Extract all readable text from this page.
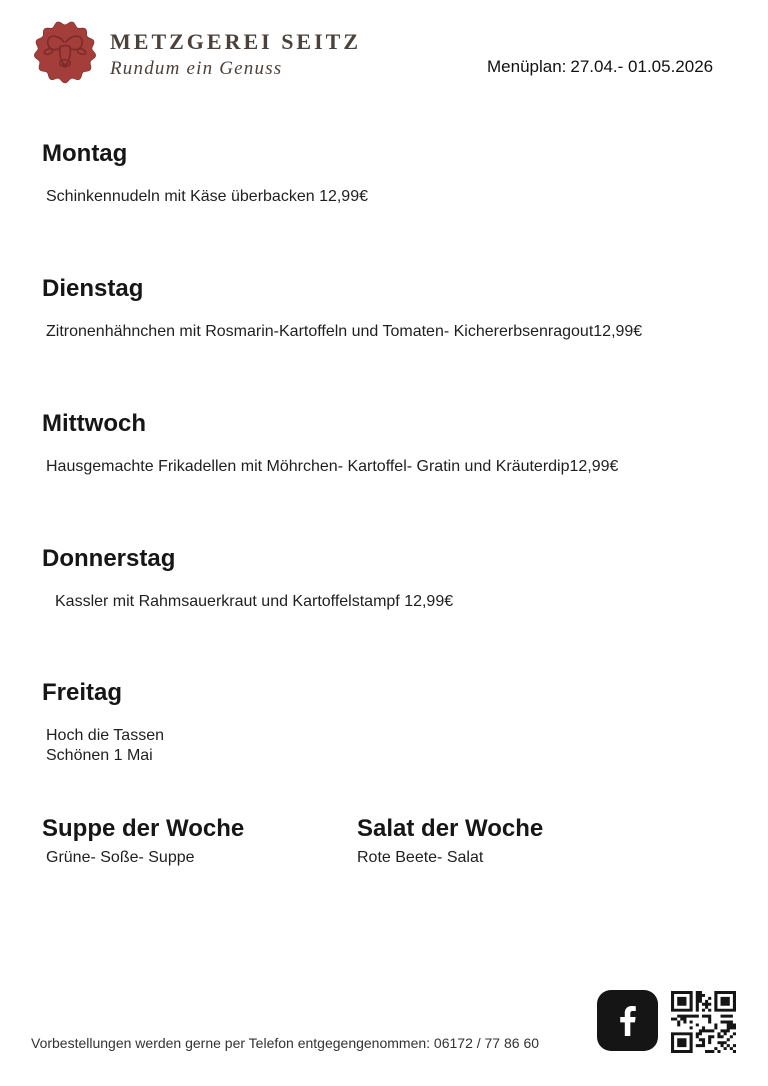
METZGEREI SEITZ
Rundum ein Genuss	Menüplan: 27.04.- 01.05.2026
Montag

Schinkennudeln mit Käse überbacken 12,99€

Dienstag

Zitronenhähnchen mit Rosmarin-Kartoffeln und Tomaten- Kichererbsenragout12,99€

Mittwoch

Hausgemachte Frikadellen mit Möhrchen- Kartoffel- Gratin und Kräuterdip12,99€

Donnerstag

Kassler mit Rahmsauerkraut und Kartoffelstampf 12,99€

Freitag

Hoch die Tassen

Schönen 1 Mai

Suppe der Woche

Grüne- Soße- Suppe

Salat der Woche

Rote Beete- Salat

Vorbestellungen werden gerne per Telefon entgegengenommen: 06172 / 77 86 60
